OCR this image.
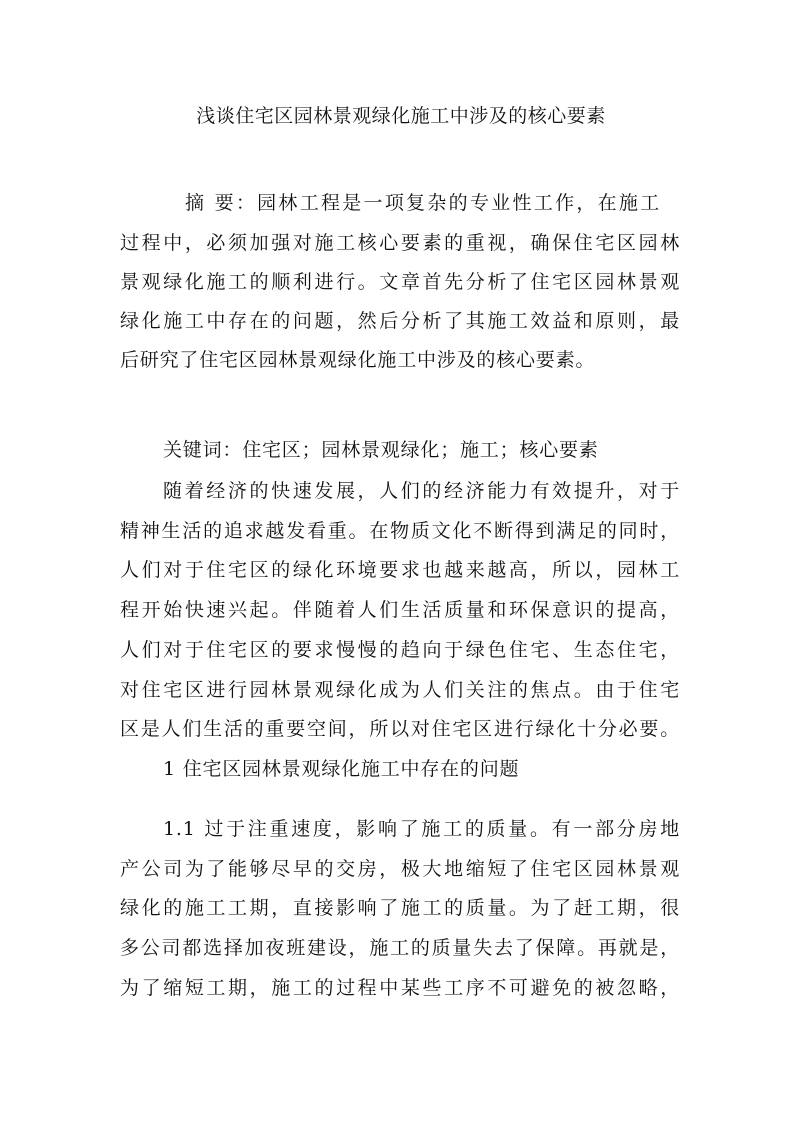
浅谈住宅区园林景观绿化施工中涉及的核心要素
摘 要：园林工程是一项复杂的专业性工作，在施工
过程中，必须加强对施工核心要素的重视，确保住宅区园林
景观绿化施工的顺利进行。文章首先分析了住宅区园林景观
绿化施工中存在的问题，然后分析了其施工效益和原则，最
后研究了住宅区园林景观绿化施工中涉及的核心要素。
关键词：住宅区；园林景观绿化；施工；核心要素
随着经济的快速发展，人们的经济能力有效提升，对于
精神生活的追求越发看重。在物质文化不断得到满足的同时，
人们对于住宅区的绿化环境要求也越来越高，所以，园林工
程开始快速兴起。伴随着人们生活质量和环保意识的提高，
人们对于住宅区的要求慢慢的趋向于绿色住宅、生态住宅，
对住宅区进行园林景观绿化成为人们关注的焦点。由于住宅
区是人们生活的重要空间，所以对住宅区进行绿化十分必要。
1 住宅区园林景观绿化施工中存在的问题
1.1 过于注重速度，影响了施工的质量。有一部分房地
产公司为了能够尽早的交房，极大地缩短了住宅区园林景观
绿化的施工工期，直接影响了施工的质量。为了赶工期，很
多公司都选择加夜班建设，施工的质量失去了保障。再就是，
为了缩短工期，施工的过程中某些工序不可避免的被忽略，
